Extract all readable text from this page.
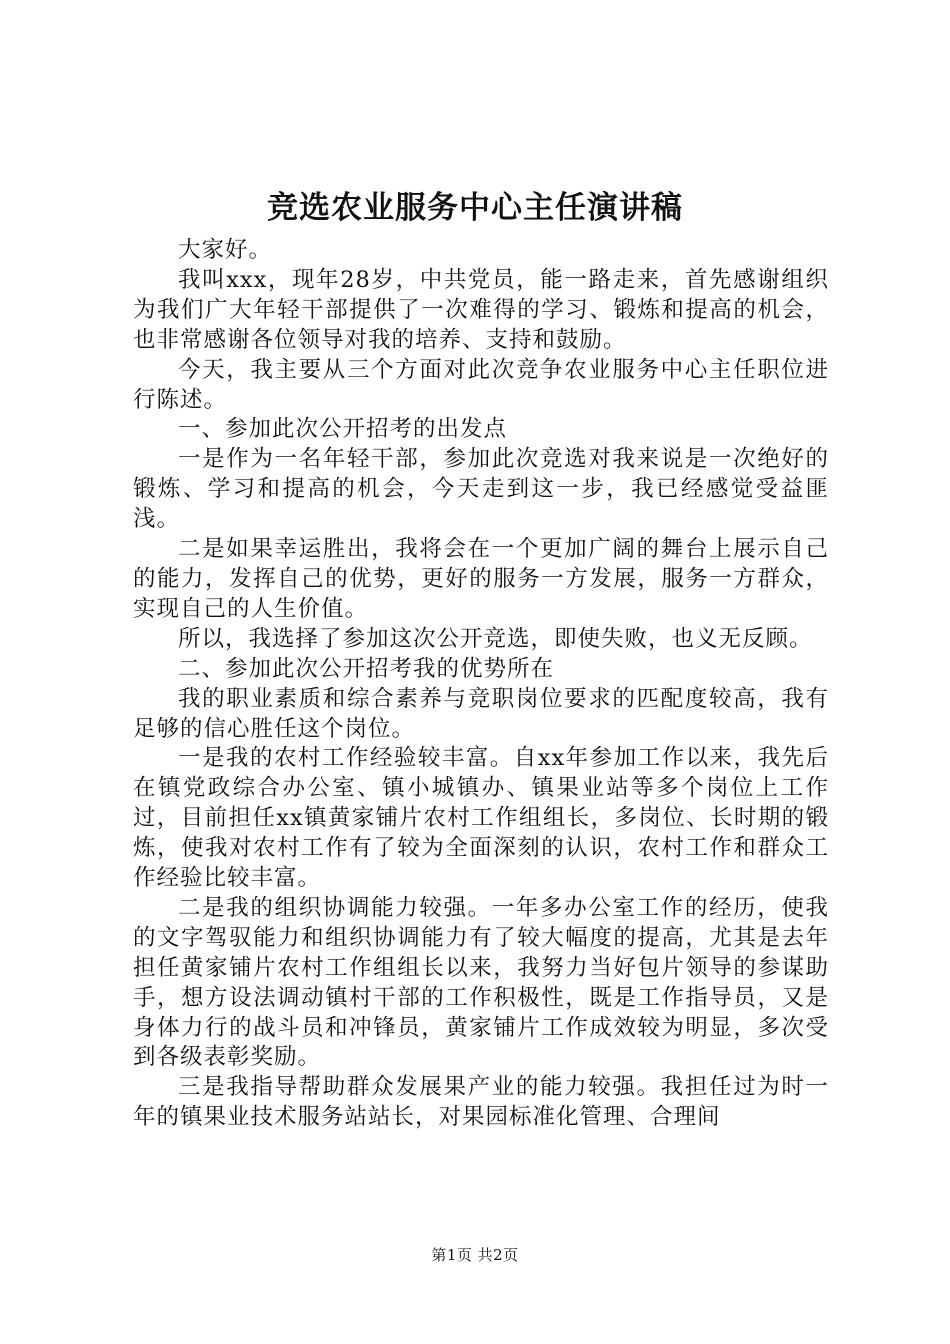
竞选农业服务中心主任演讲稿

大家好。

我叫xxx，现年28岁，中共党员，能一路走来，首先感谢组织为我们广大年轻干部提供了一次难得的学习、锻炼和提高的机会，也非常感谢各位领导对我的培养、支持和鼓励。

今天，我主要从三个方面对此次竞争农业服务中心主任职位进行陈述。

一、参加此次公开招考的出发点

一是作为一名年轻干部，参加此次竞选对我来说是一次绝好的锻炼、学习和提高的机会，今天走到这一步，我已经感觉受益匪浅。

二是如果幸运胜出，我将会在一个更加广阔的舞台上展示自己的能力，发挥自己的优势，更好的服务一方发展，服务一方群众，实现自己的人生价值。

所以，我选择了参加这次公开竞选，即使失败，也义无反顾。

二、参加此次公开招考我的优势所在

我的职业素质和综合素养与竞职岗位要求的匹配度较高，我有足够的信心胜任这个岗位。

一是我的农村工作经验较丰富。自xx年参加工作以来，我先后在镇党政综合办公室、镇小城镇办、镇果业站等多个岗位上工作过，目前担任xx镇黄家铺片农村工作组组长，多岗位、长时期的锻炼，使我对农村工作有了较为全面深刻的认识，农村工作和群众工作经验比较丰富。

二是我的组织协调能力较强。一年多办公室工作的经历，使我的文字驾驭能力和组织协调能力有了较大幅度的提高，尤其是去年担任黄家铺片农村工作组组长以来，我努力当好包片领导的参谋助手，想方设法调动镇村干部的工作积极性，既是工作指导员，又是身体力行的战斗员和冲锋员，黄家铺片工作成效较为明显，多次受到各级表彰奖励。

三是我指导帮助群众发展果产业的能力较强。我担任过为时一年的镇果业技术服务站站长，对果园标准化管理、合理间

第1页 共2页
